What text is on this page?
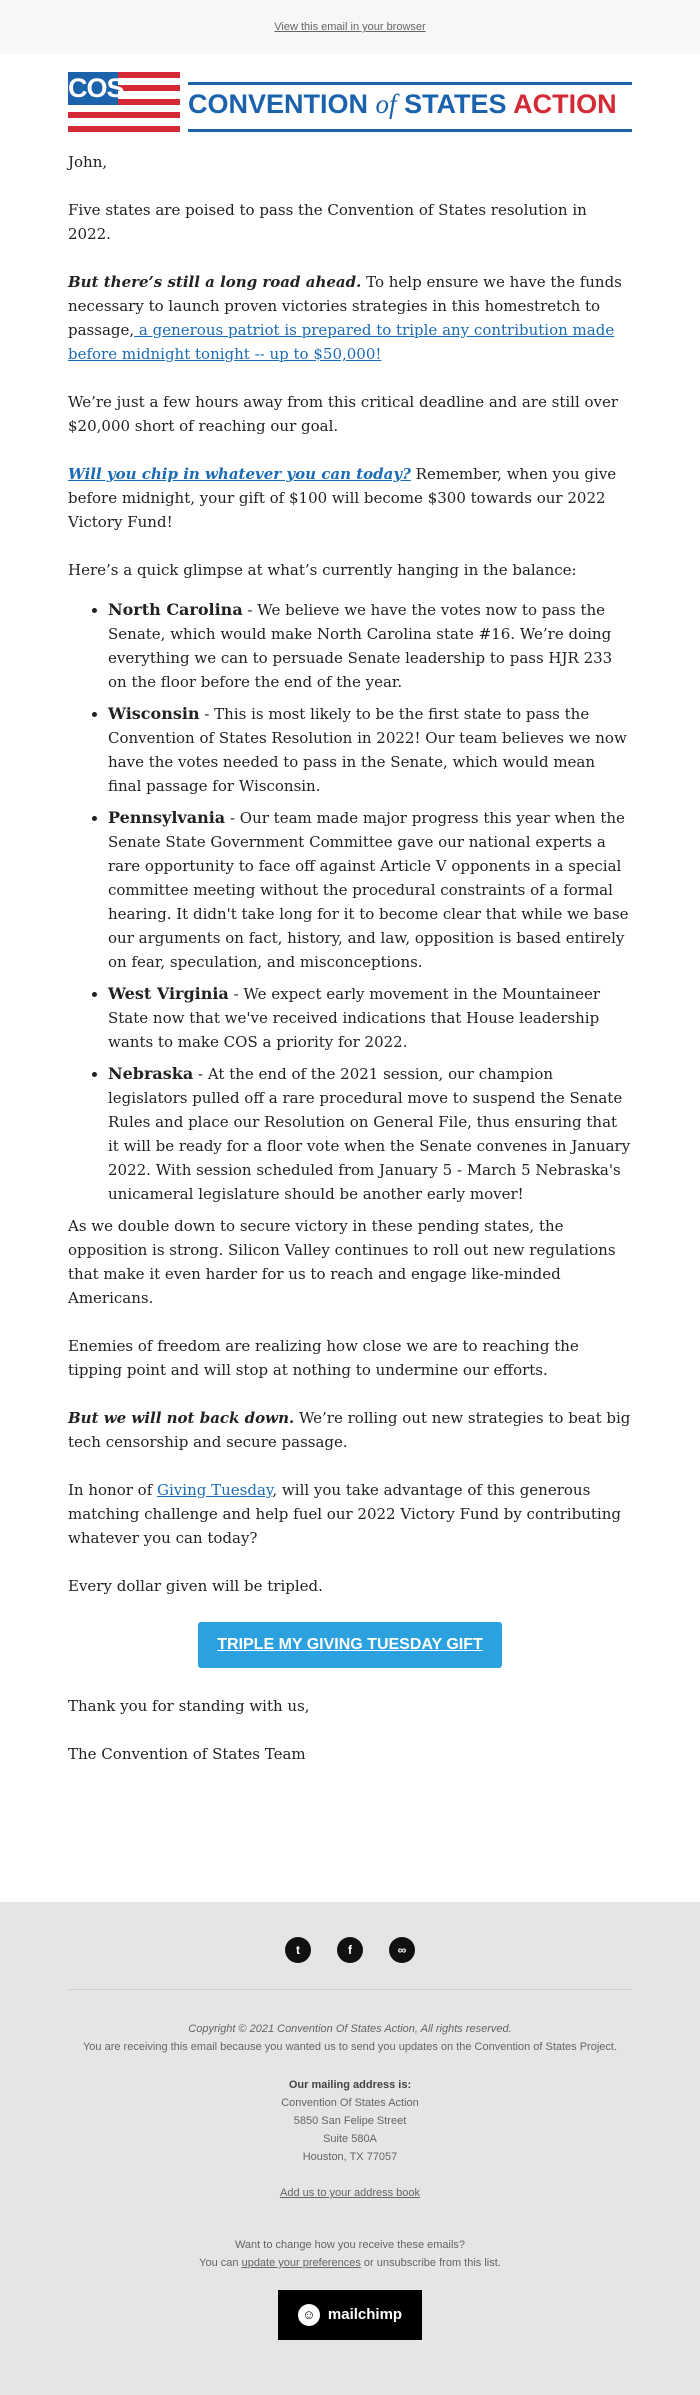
View this email in your browser
COS
CONVENTION of STATES ACTION

John,

Five states are poised to pass the Convention of States resolution in 2022.

But there’s still a long road ahead. To help ensure we have the funds necessary to launch proven victories strategies in this homestretch to passage, a generous patriot is prepared to triple any contribution made before midnight tonight -- up to $50,000!

We’re just a few hours away from this critical deadline and are still over $20,000 short of reaching our goal.

Will you chip in whatever you can today? Remember, when you give before midnight, your gift of $100 will become $300 towards our 2022 Victory Fund!

Here’s a quick glimpse at what’s currently hanging in the balance:

• North Carolina - We believe we have the votes now to pass the Senate, which would make North Carolina state #16. We’re doing everything we can to persuade Senate leadership to pass HJR 233 on the floor before the end of the year.
• Wisconsin - This is most likely to be the first state to pass the Convention of States Resolution in 2022! Our team believes we now have the votes needed to pass in the Senate, which would mean final passage for Wisconsin.
• Pennsylvania - Our team made major progress this year when the Senate State Government Committee gave our national experts a rare opportunity to face off against Article V opponents in a special committee meeting without the procedural constraints of a formal hearing. It didn't take long for it to become clear that while we base our arguments on fact, history, and law, opposition is based entirely on fear, speculation, and misconceptions.
• West Virginia - We expect early movement in the Mountaineer State now that we've received indications that House leadership wants to make COS a priority for 2022.
• Nebraska - At the end of the 2021 session, our champion legislators pulled off a rare procedural move to suspend the Senate Rules and place our Resolution on General File, thus ensuring that it will be ready for a floor vote when the Senate convenes in January 2022. With session scheduled from January 5 - March 5 Nebraska's unicameral legislature should be another early mover!

As we double down to secure victory in these pending states, the opposition is strong. Silicon Valley continues to roll out new regulations that make it even harder for us to reach and engage like-minded Americans.

Enemies of freedom are realizing how close we are to reaching the tipping point and will stop at nothing to undermine our efforts.

But we will not back down. We’re rolling out new strategies to beat big tech censorship and secure passage.

In honor of Giving Tuesday, will you take advantage of this generous matching challenge and help fuel our 2022 Victory Fund by contributing whatever you can today?

Every dollar given will be tripled.

TRIPLE MY GIVING TUESDAY GIFT

Thank you for standing with us,

The Convention of States Team

t	f	∞
Copyright © 2021 Convention Of States Action, All rights reserved.
You are receiving this email because you wanted us to send you updates on the Convention of States Project.
Our mailing address is:
Convention Of States Action
5850 San Felipe Street
Suite 580A
Houston, TX 77057
Add us to your address book
Want to change how you receive these emails?
You can update your preferences or unsubscribe from this list.
☺ mailchimp
